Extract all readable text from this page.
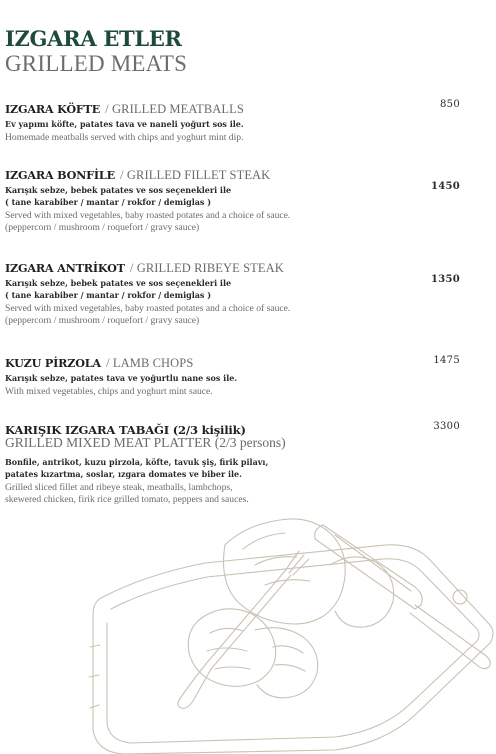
IZGARA ETLER
GRILLED MEATS
IZGARA KÖFTE / GRILLED MEATBALLS	850
Ev yapımı köfte, patates tava ve naneli yoğurt sos ile.
Homemade meatballs served with chips and yoghurt mint dip.
IZGARA BONFİLE / GRILLED FILLET STEAK
Karışık sebze, bebek patates ve sos seçenekleri ile
( tane karabiber / mantar / rokfor / demiglas )
1450
Served with mixed vegetables, baby roasted potates and a choice of sauce.
(peppercorn / mushroom / roquefort / gravy sauce)
IZGARA ANTRİKOT / GRILLED RIBEYE STEAK
Karışık sebze, bebek patates ve sos seçenekleri ile
( tane karabiber / mantar / rokfor / demiglas )
1350
Served with mixed vegetables, baby roasted potates and a choice of sauce.
(peppercorn / mushroom / roquefort / gravy sauce)
KUZU PİRZOLA / LAMB CHOPS	1475
Karışık sebze, patates tava ve yoğurtlu nane sos ile.
With mixed vegetables, chips and yoghurt mint sauce.
KARIŞIK IZGARA TABAĞI (2/3 kişilik)	3300
GRILLED MIXED MEAT PLATTER (2/3 persons)
Bonfile, antrikot, kuzu pirzola, köfte, tavuk şiş, firik pilavı,
patates kızartma, soslar, ızgara domates ve biber ile.
Grilled sliced fillet and ribeye steak, meatballs, lambchops,
skewered chicken, firik rice grilled tomato, peppers and sauces.
